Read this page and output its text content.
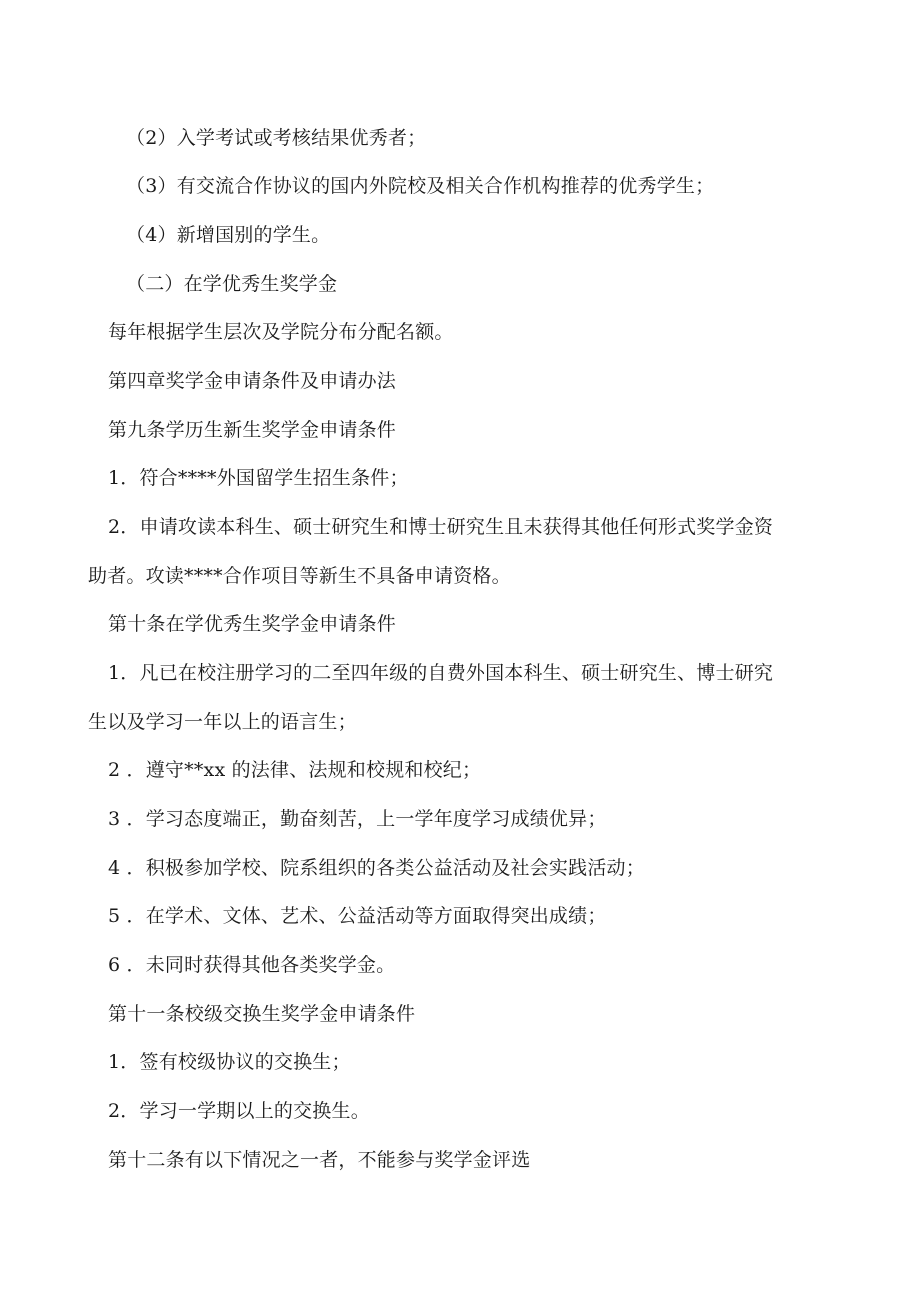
（2）入学考试或考核结果优秀者；
（3）有交流合作协议的国内外院校及相关合作机构推荐的优秀学生；
（4）新增国别的学生。
（二）在学优秀生奖学金
每年根据学生层次及学院分布分配名额。
第四章奖学金申请条件及申请办法
第九条学历生新生奖学金申请条件
1．符合****外国留学生招生条件；
2．申请攻读本科生、硕士研究生和博士研究生且未获得其他任何形式奖学金资
助者。攻读****合作项目等新生不具备申请资格。
第十条在学优秀生奖学金申请条件
1．凡已在校注册学习的二至四年级的自费外国本科生、硕士研究生、博士研究
生以及学习一年以上的语言生；
2 ．遵守**xx 的法律、法规和校规和校纪；
3 ．学习态度端正，勤奋刻苦，上一学年度学习成绩优异；
4 ．积极参加学校、院系组织的各类公益活动及社会实践活动；
5 ．在学术、文体、艺术、公益活动等方面取得突出成绩；
6 ．未同时获得其他各类奖学金。
第十一条校级交换生奖学金申请条件
1．签有校级协议的交换生；
2．学习一学期以上的交换生。
第十二条有以下情况之一者，不能参与奖学金评选
